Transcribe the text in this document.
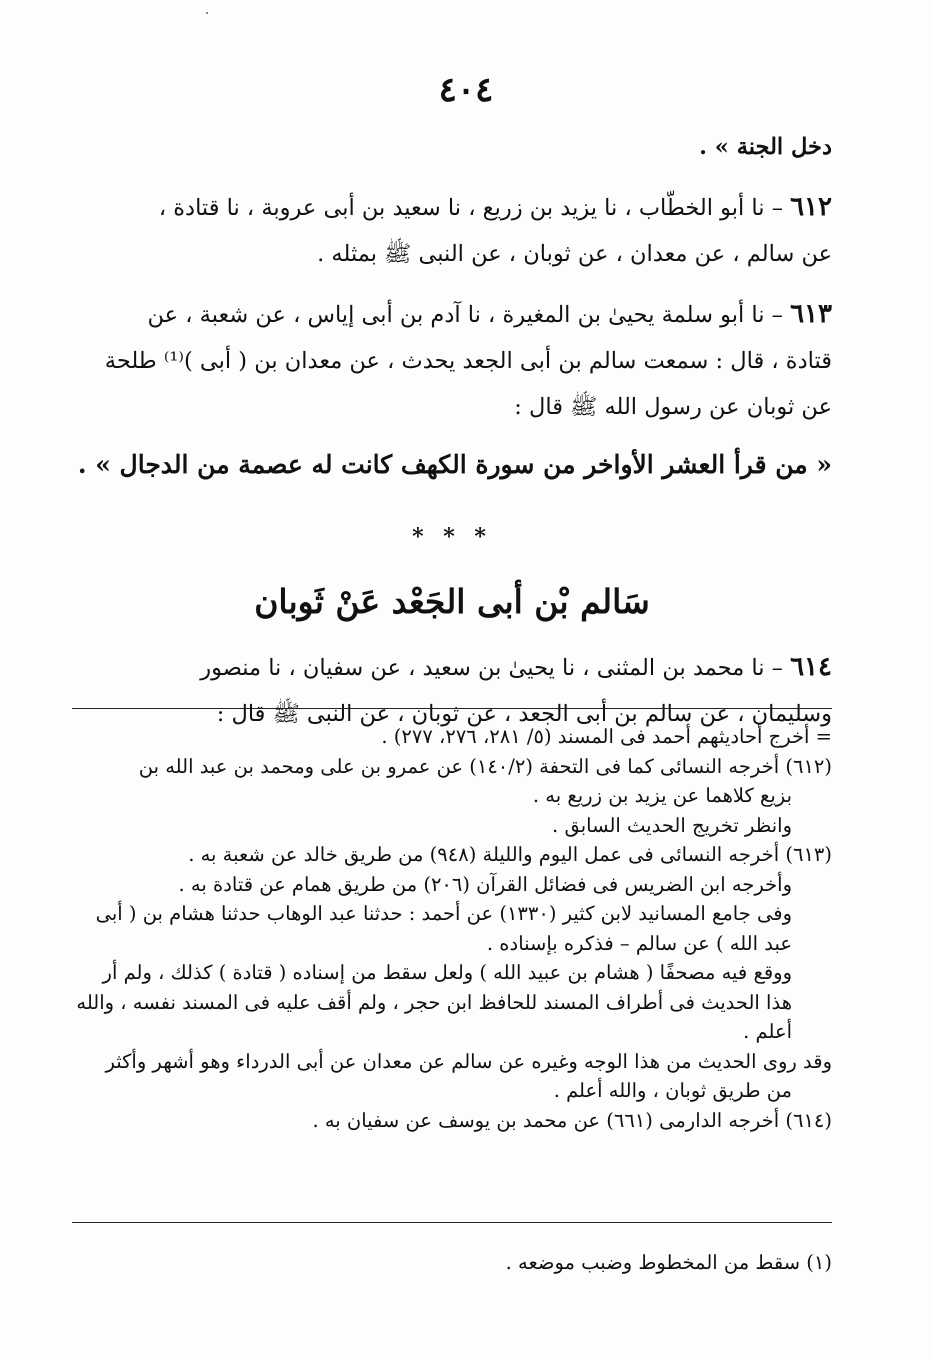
٤٠٤

دخل الجنة » .

٦١٢ – نا أبو الخطّاب ، نا يزيد بن زريع ، نا سعيد بن أبى عروبة ، نا قتادة ،

عن سالم ، عن معدان ، عن ثوبان ، عن النبى ﷺ بمثله .

٦١٣ – نا أبو سلمة يحيىٰ بن المغيرة ، نا آدم بن أبى إياس ، عن شعبة ، عن

قتادة ، قال : سمعت سالم بن أبى الجعد يحدث ، عن معدان بن ( أبى )⁽¹⁾ طلحة

عن ثوبان عن رسول الله ﷺ قال :

« من قرأ العشر الأواخر من سورة الكهف كانت له عصمة من الدجال » .

* * *
سَالم بْن أبى الجَعْد عَنْ ثَوبان

٦١٤ – نا محمد بن المثنى ، نا يحيىٰ بن سعيد ، عن سفيان ، نا منصور

وسليمان ، عن سالم بن أبى الجعد ، عن ثوبان ، عن النبى ﷺ قال :

= أخرج أحاديثهم أحمد فى المسند (٥/ ٢٨١، ٢٧٦، ٢٧٧) .

(٦١٢) أخرجه النسائى كما فى التحفة (١٤٠/٢) عن عمرو بن على ومحمد بن عبد الله بن

بزيع كلاهما عن يزيد بن زريع به .

وانظر تخريج الحديث السابق .

(٦١٣) أخرجه النسائى فى عمل اليوم والليلة (٩٤٨) من طريق خالد عن شعبة به .

وأخرجه ابن الضريس فى فضائل القرآن (٢٠٦) من طريق همام عن قتادة به .

وفى جامع المسانيد لابن كثير (١٣٣٠) عن أحمد : حدثنا عبد الوهاب حدثنا هشام بن ( أبى

عبد الله ) عن سالم – فذكره بإسناده .

ووقع فيه مصحفًا ( هشام بن عبيد الله ) ولعل سقط من إسناده ( قتادة ) كذلك ، ولم أر

هذا الحديث فى أطراف المسند للحافظ ابن حجر ، ولم أقف عليه فى المسند نفسه ، والله

أعلم .

وقد روى الحديث من هذا الوجه وغيره عن سالم عن معدان عن أبى الدرداء وهو أشهر وأكثر

من طريق ثوبان ، والله أعلم .

(٦١٤) أخرجه الدارمى (٦٦١) عن محمد بن يوسف عن سفيان به .

(١) سقط من المخطوط وضبب موضعه .
